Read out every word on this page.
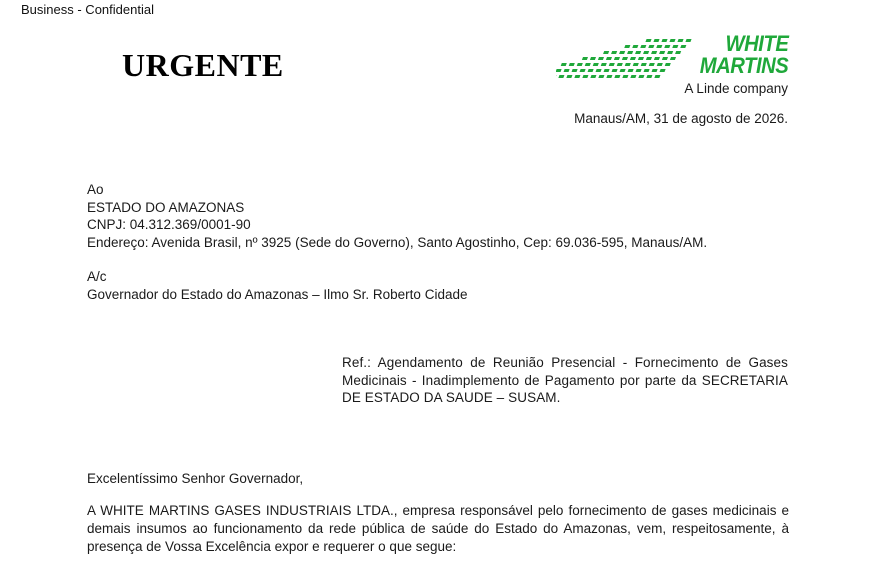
Business - Confidential
URGENTE
WHITE
MARTINS
A Linde company
Manaus/AM, 31 de agosto de 2026.
Ao
ESTADO DO AMAZONAS
CNPJ: 04.312.369/0001-90
Endereço: Avenida Brasil, nº 3925 (Sede do Governo), Santo Agostinho, Cep: 69.036-595, Manaus/AM.
A/c
Governador do Estado do Amazonas – Ilmo Sr. Roberto Cidade
Ref.: Agendamento de Reunião Presencial - Fornecimento de Gases Medicinais - Inadimplemento de Pagamento por parte da SECRETARIA DE ESTADO DA SAUDE – SUSAM.
Excelentíssimo Senhor Governador,
A WHITE MARTINS GASES INDUSTRIAIS LTDA., empresa responsável pelo fornecimento de gases medicinais e demais insumos ao funcionamento da rede pública de saúde do Estado do Amazonas, vem, respeitosamente, à presença de Vossa Excelência expor e requerer o que segue:
